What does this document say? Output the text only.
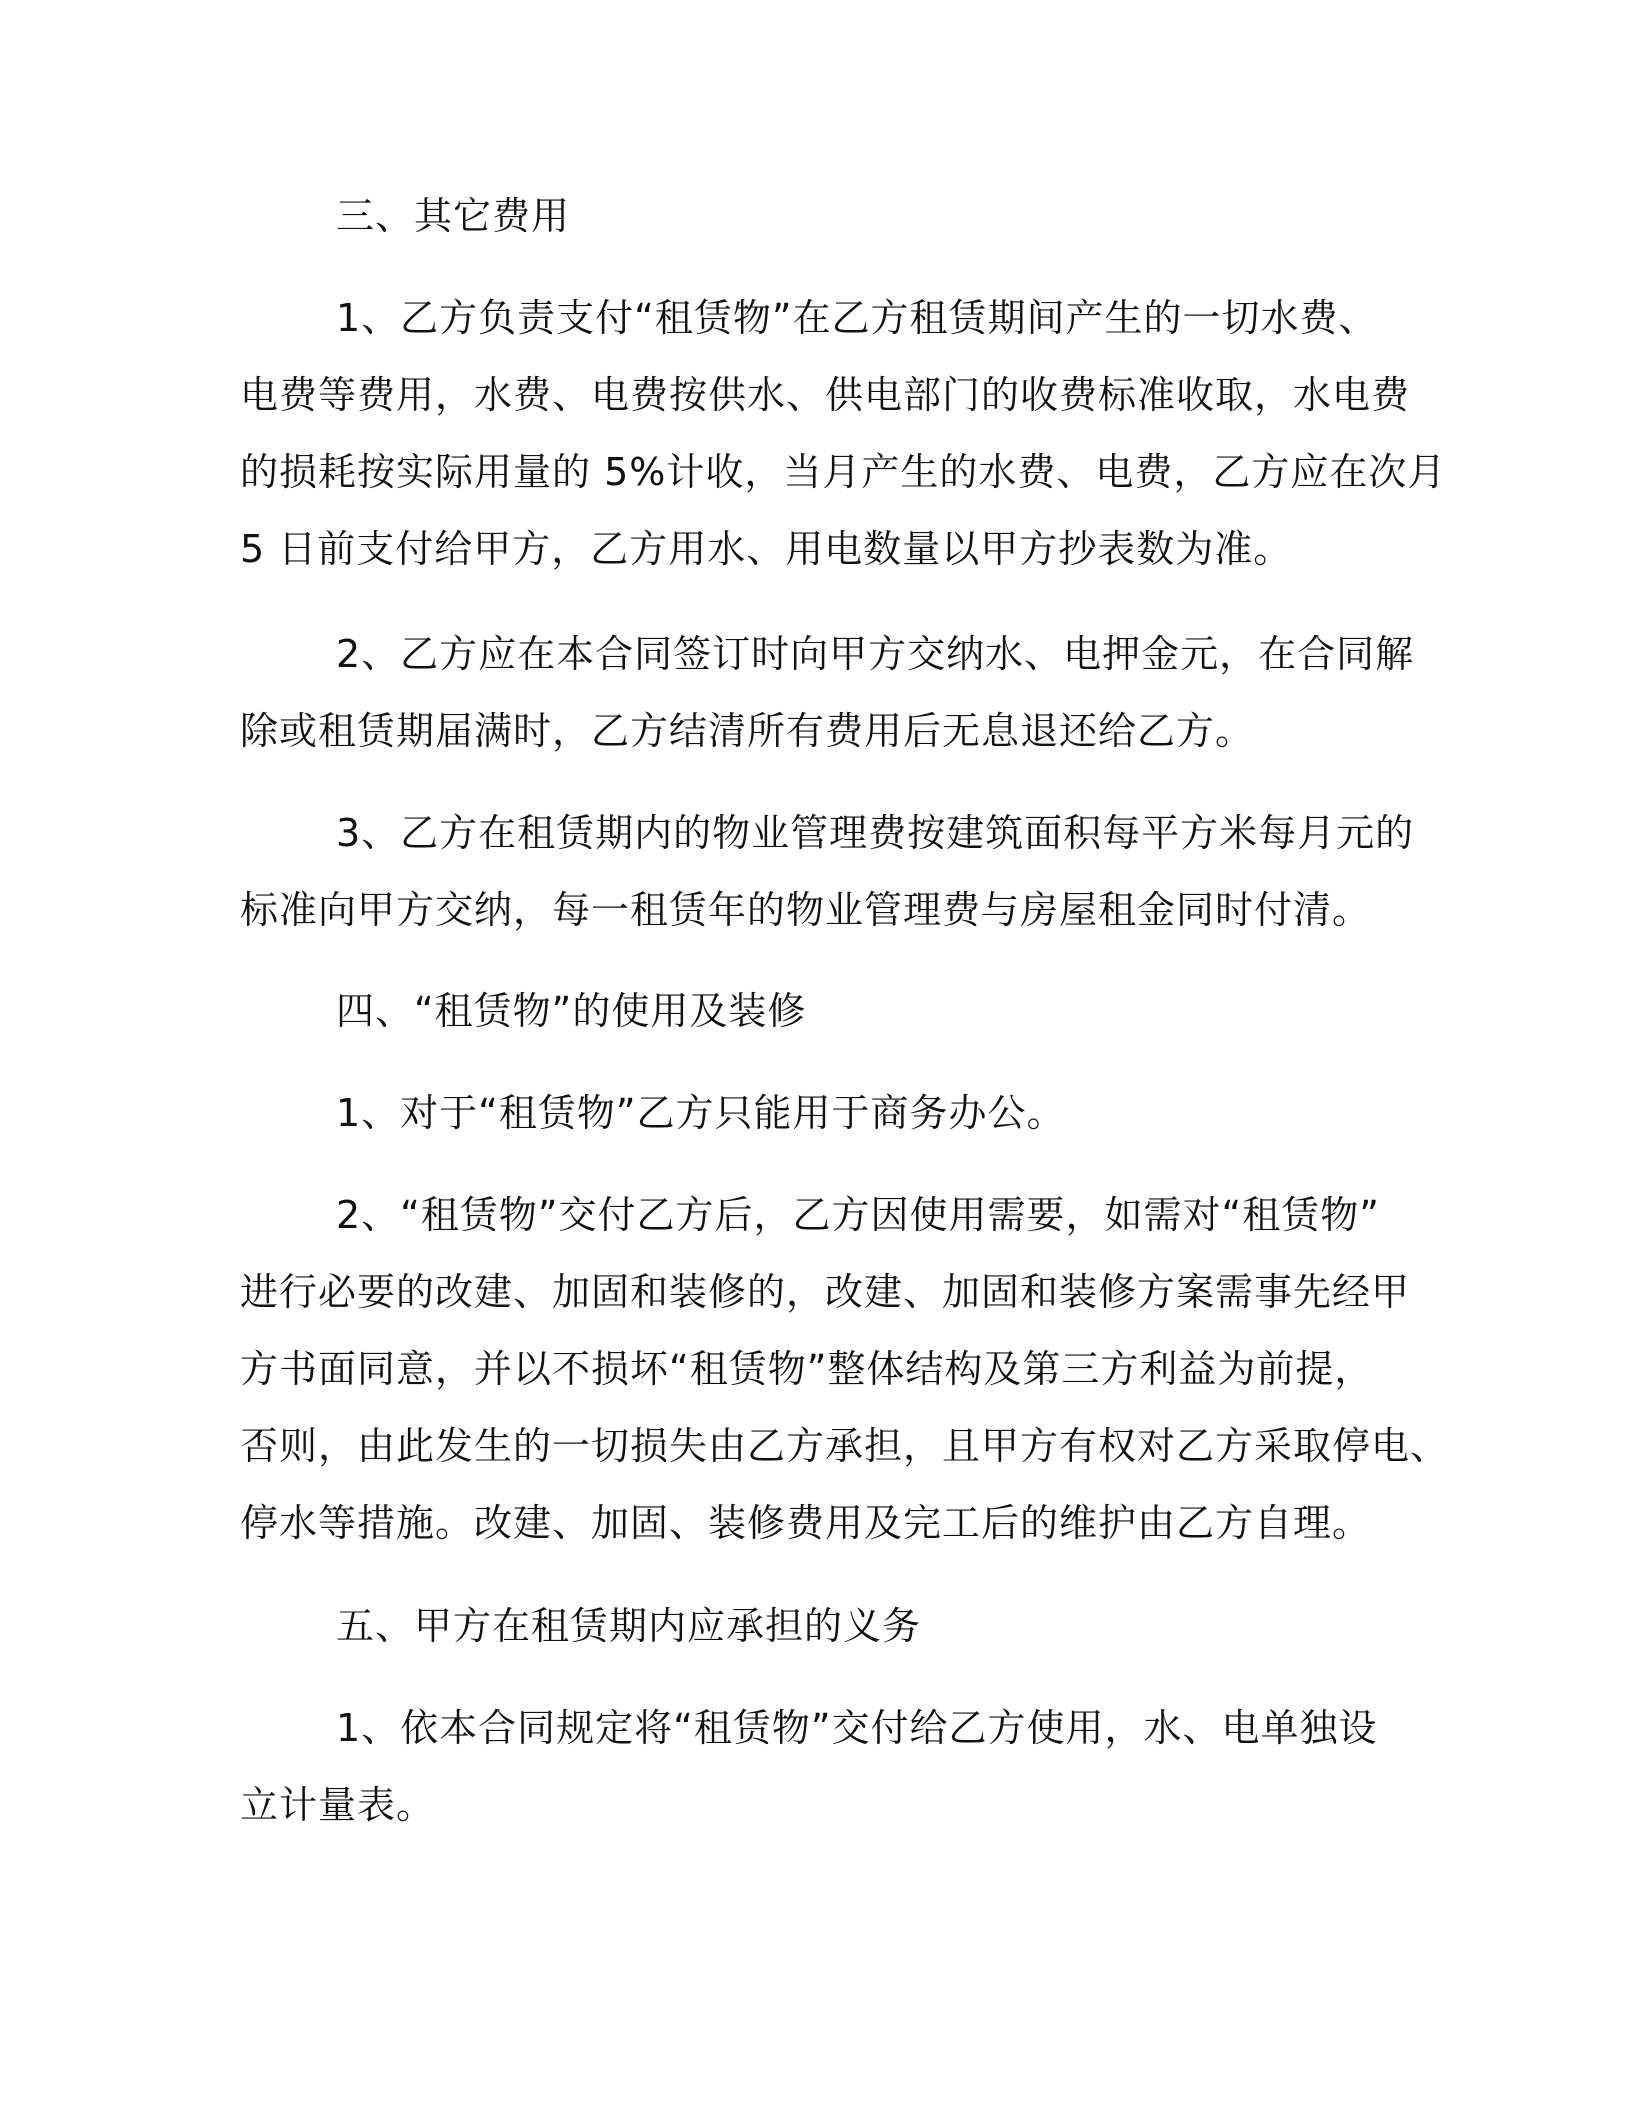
三、其它费用

1、乙方负责支付“租赁物”在乙方租赁期间产生的一切水费、
电费等费用，水费、电费按供水、供电部门的收费标准收取，水电费
的损耗按实际用量的 5%计收，当月产生的水费、电费，乙方应在次月
5 日前支付给甲方，乙方用水、用电数量以甲方抄表数为准。

2、乙方应在本合同签订时向甲方交纳水、电押金元，在合同解
除或租赁期届满时，乙方结清所有费用后无息退还给乙方。

3、乙方在租赁期内的物业管理费按建筑面积每平方米每月元的
标准向甲方交纳，每一租赁年的物业管理费与房屋租金同时付清。

四、“租赁物”的使用及装修

1、对于“租赁物”乙方只能用于商务办公。

2、“租赁物”交付乙方后，乙方因使用需要，如需对“租赁物”
进行必要的改建、加固和装修的，改建、加固和装修方案需事先经甲
方书面同意，并以不损坏“租赁物”整体结构及第三方利益为前提，
否则，由此发生的一切损失由乙方承担，且甲方有权对乙方采取停电、
停水等措施。改建、加固、装修费用及完工后的维护由乙方自理。

五、甲方在租赁期内应承担的义务

1、依本合同规定将“租赁物”交付给乙方使用，水、电单独设
立计量表。
